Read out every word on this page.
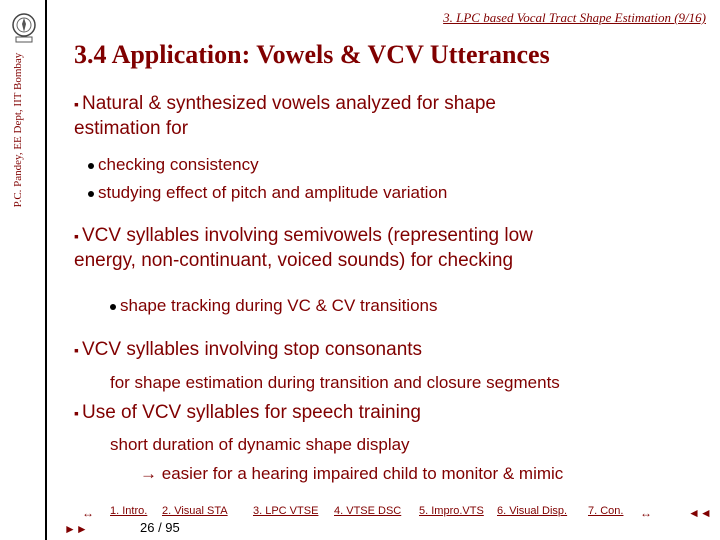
P.C. Pandey, EE Dept, IIT Bombay
3. LPC based Vocal Tract Shape Estimation (9/16)
3.4 Application: Vowels & VCV Utterances
▪ Natural & synthesized vowels analyzed for shape
estimation for
checking consistency
studying effect of pitch and amplitude variation
▪ VCV syllables involving semivowels (representing low
energy, non-continuant, voiced sounds) for checking
shape tracking during VC & CV transitions
▪ VCV syllables involving stop consonants
for shape estimation during transition and closure segments
▪ Use of VCV syllables for speech training
short duration of dynamic shape display
→ easier for a hearing impaired child to monitor & mimic
↔
►►
1. Intro. 2. Visual STA 3. LPC VTSE 4. VTSE DSC 5. Impro.VTS 6. Visual Disp. 7. Con. ↔	◄◄
26 / 95
